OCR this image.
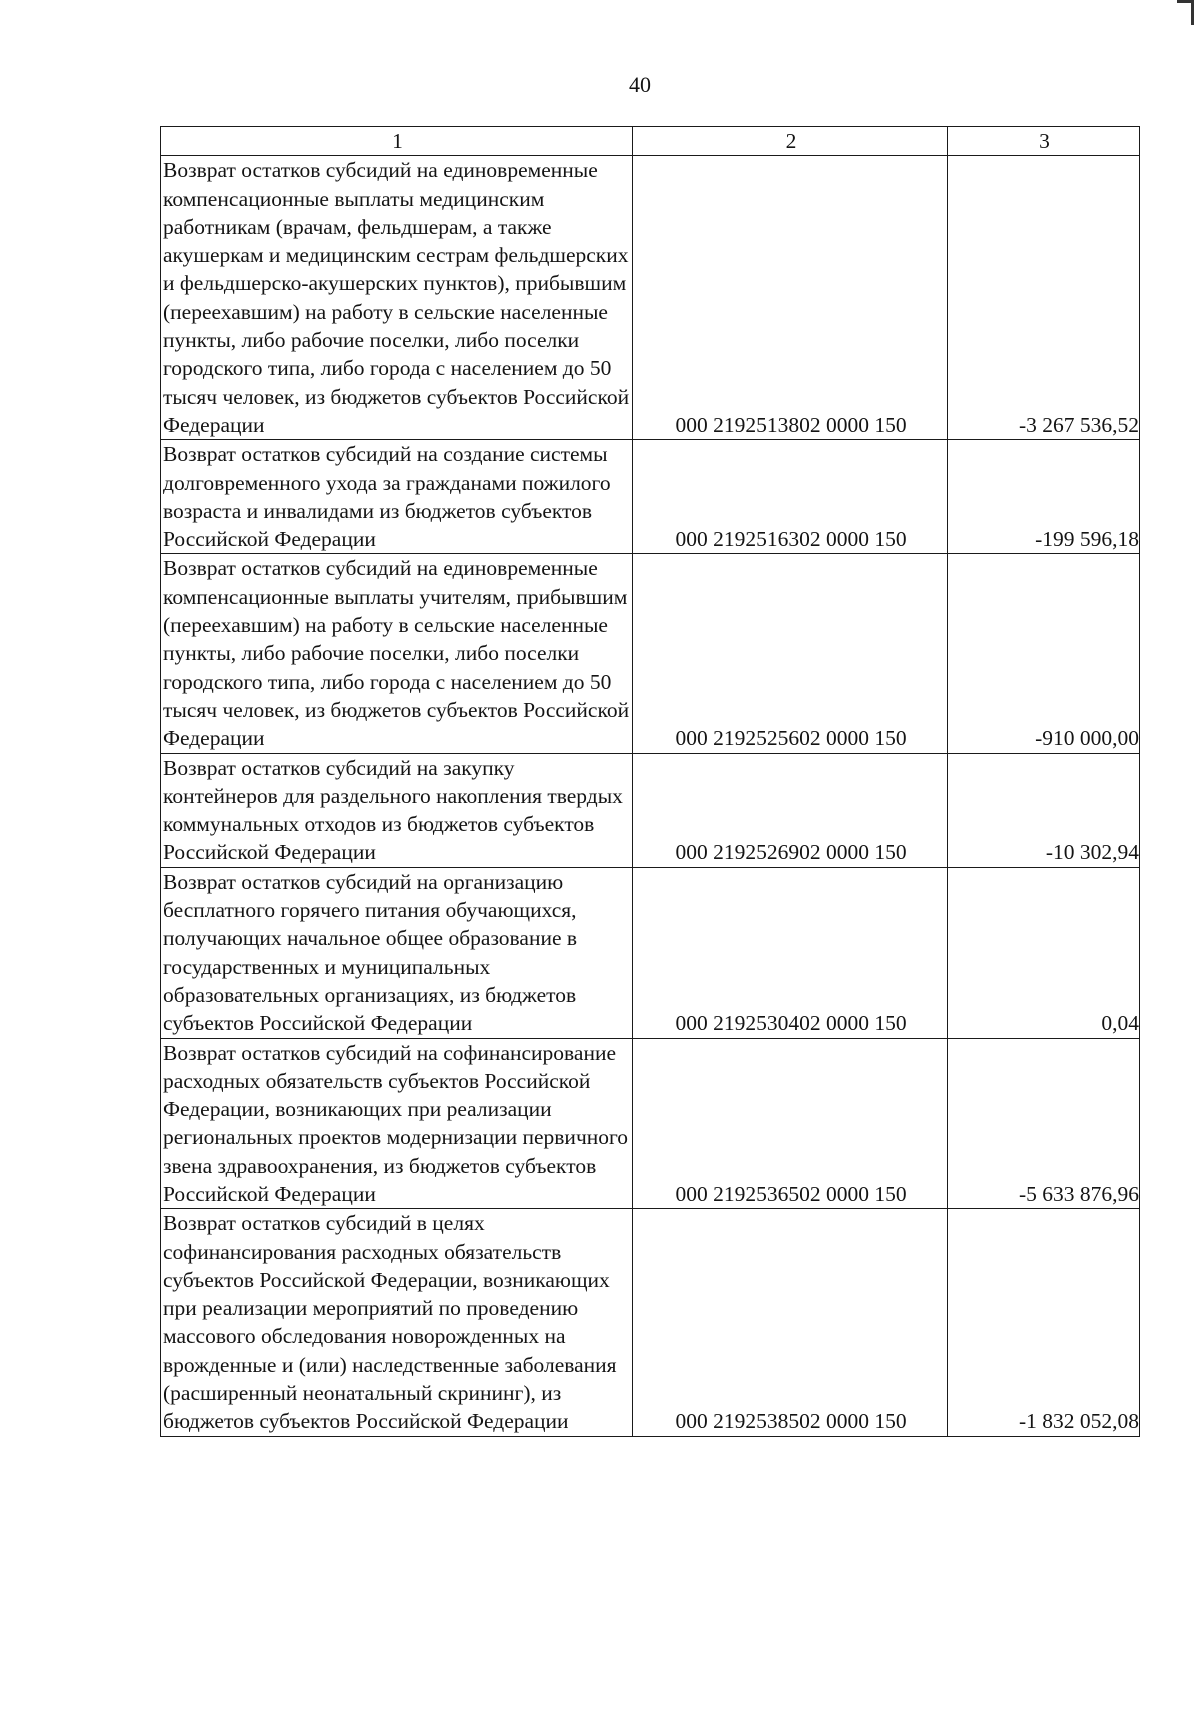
40
1	2	3
Возврат остатков субсидий на единовременные компенсационные выплаты медицинским работникам (врачам, фельдшерам, а также акушеркам и медицинским сестрам фельдшерских и фельдшерско-акушерских пунктов), прибывшим (переехавшим) на работу в сельские населенные пункты, либо рабочие поселки, либо поселки городского типа, либо города с населением до 50 тысяч человек, из бюджетов субъектов Российской Федерации	000 2192513802 0000 150	-3 267 536,52
Возврат остатков субсидий на создание системы долговременного ухода за гражданами пожилого возраста и инвалидами из бюджетов субъектов Российской Федерации	000 2192516302 0000 150	-199 596,18
Возврат остатков субсидий на единовременные компенсационные выплаты учителям, прибывшим (переехавшим) на работу в сельские населенные пункты, либо рабочие поселки, либо поселки городского типа, либо города с населением до 50 тысяч человек, из бюджетов субъектов Российской Федерации	000 2192525602 0000 150	-910 000,00
Возврат остатков субсидий на закупку контейнеров для раздельного накопления твердых коммунальных отходов из бюджетов субъектов Российской Федерации	000 2192526902 0000 150	-10 302,94
Возврат остатков субсидий на организацию бесплатного горячего питания обучающихся, получающих начальное общее образование в государственных и муниципальных образовательных организациях, из бюджетов субъектов Российской Федерации	000 2192530402 0000 150	0,04
Возврат остатков субсидий на софинансирование расходных обязательств субъектов Российской Федерации, возникающих при реализации региональных проектов модернизации первичного звена здравоохранения, из бюджетов субъектов Российской Федерации	000 2192536502 0000 150	-5 633 876,96
Возврат остатков субсидий в целях софинансирования расходных обязательств субъектов Российской Федерации, возникающих при реализации мероприятий по проведению массового обследования новорожденных на врожденные и (или) наследственные заболевания (расширенный неонатальный скрининг), из бюджетов субъектов Российской Федерации	000 2192538502 0000 150	-1 832 052,08
